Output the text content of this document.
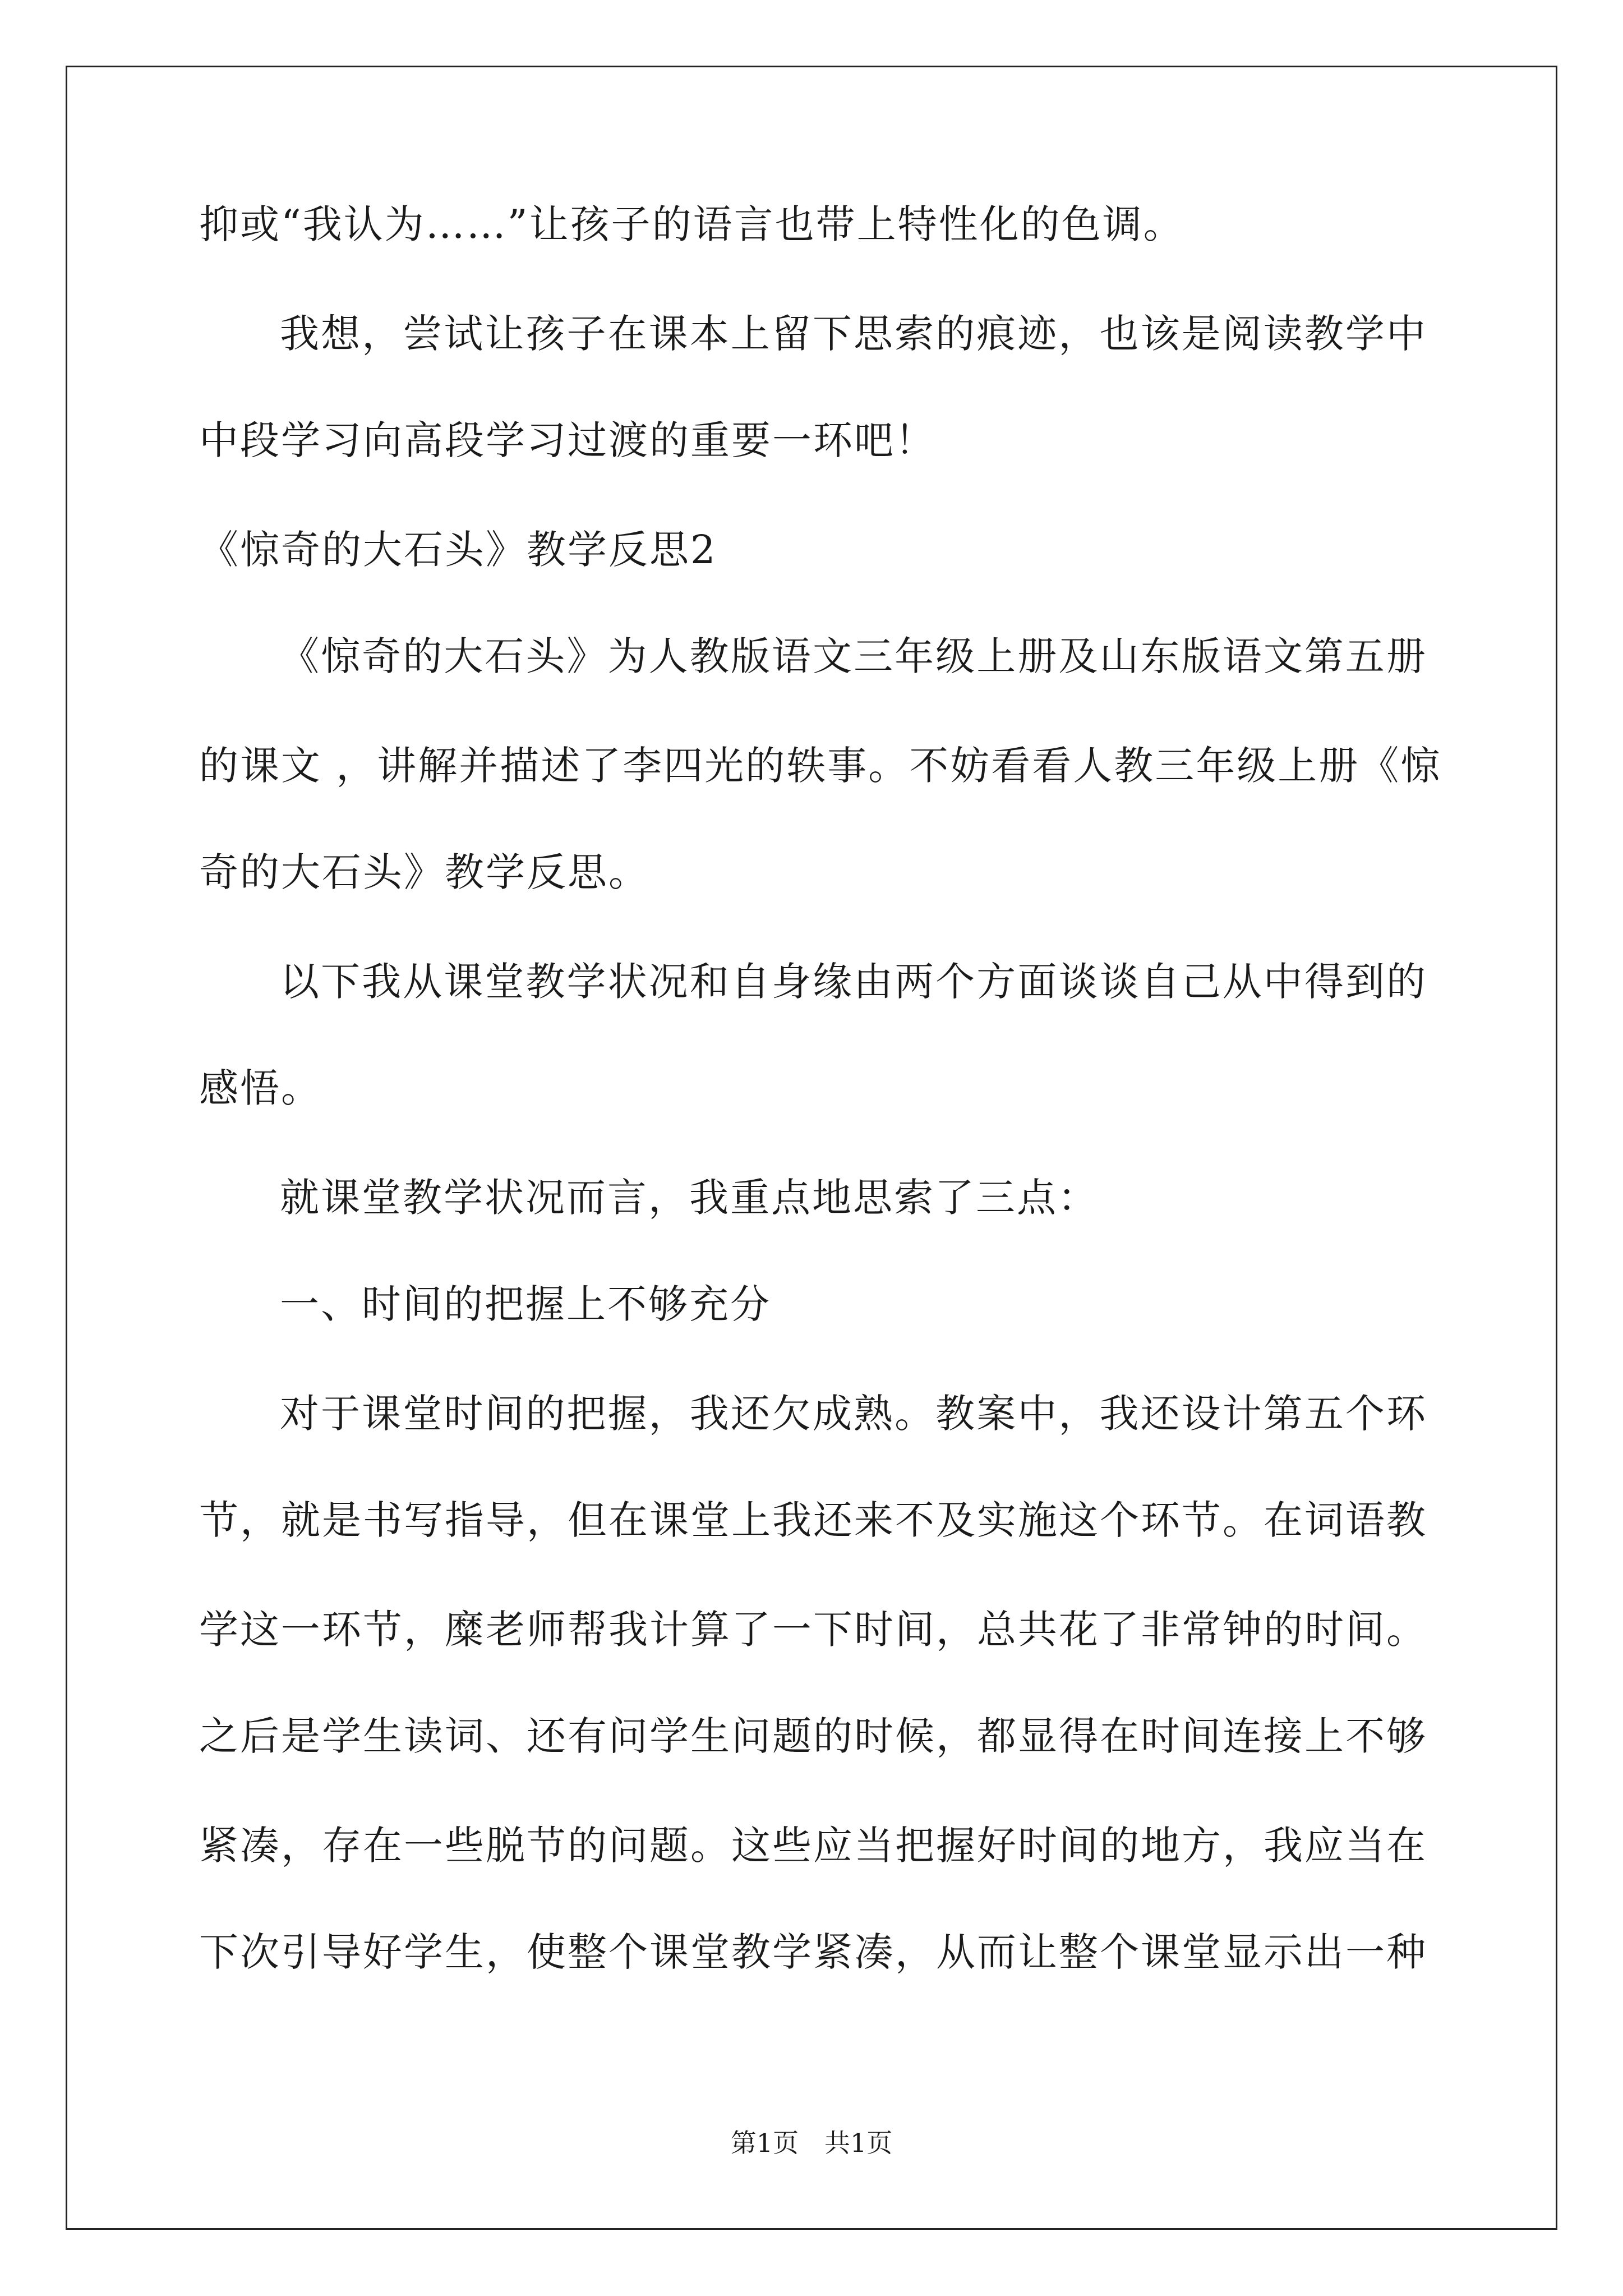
抑或“我认为……”让孩子的语言也带上特性化的色调。
我想，尝试让孩子在课本上留下思索的痕迹，也该是阅读教学中
中段学习向高段学习过渡的重要一环吧！
《惊奇的大石头》教学反思2
《惊奇的大石头》为人教版语文三年级上册及山东版语文第五册
的课文 ，讲解并描述了李四光的轶事。不妨看看人教三年级上册《惊
奇的大石头》教学反思。
以下我从课堂教学状况和自身缘由两个方面谈谈自己从中得到的
感悟。
就课堂教学状况而言，我重点地思索了三点：
一、时间的把握上不够充分
对于课堂时间的把握，我还欠成熟。教案中，我还设计第五个环
节，就是书写指导，但在课堂上我还来不及实施这个环节。在词语教
学这一环节，糜老师帮我计算了一下时间，总共花了非常钟的时间。
之后是学生读词、还有问学生问题的时候，都显得在时间连接上不够
紧凑，存在一些脱节的问题。这些应当把握好时间的地方，我应当在
下次引导好学生，使整个课堂教学紧凑，从而让整个课堂显示出一种
第1页　共1页
